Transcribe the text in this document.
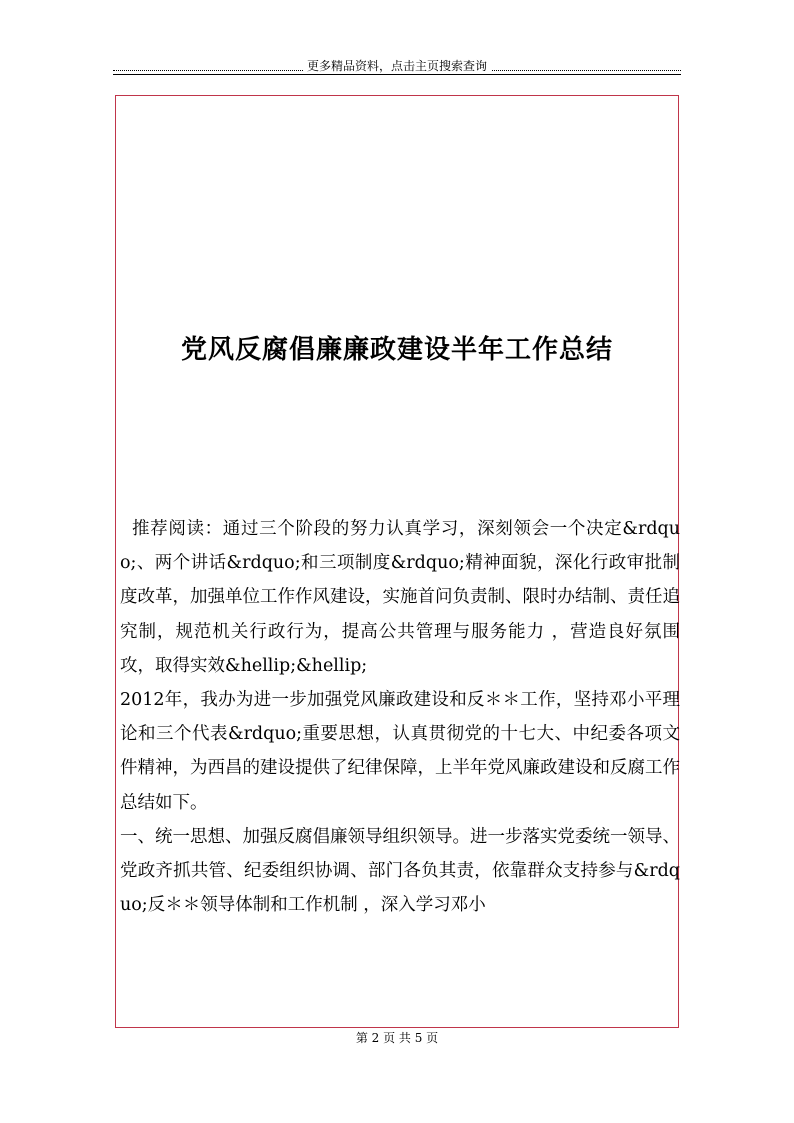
更多精品资料，点击主页搜索查询
党风反腐倡廉廉政建设半年工作总结

推荐阅读：通过三个阶段的努力认真学习，深刻领会一个决定&rdquo;、两个讲话&rdquo;和三项制度&rdquo;精神面貌，深化行政审批制度改革，加强单位工作作风建设，实施首问负责制、限时办结制、责任追究制，规范机关行政行为，提高公共管理与服务能力 ，营造良好氛围攻，取得实效&hellip;&hellip;

2012年，我办为进一步加强党风廉政建设和反＊＊工作，坚持邓小平理论和三个代表&rdquo;重要思想，认真贯彻党的十七大、中纪委各项文件精神，为西昌的建设提供了纪律保障，上半年党风廉政建设和反腐工作总结如下。

一、统一思想、加强反腐倡廉领导组织领导。进一步落实党委统一领导、党政齐抓共管、纪委组织协调、部门各负其责，依靠群众支持参与&rdquo;反＊＊领导体制和工作机制 ，深入学习邓小

第 2 页 共 5 页
